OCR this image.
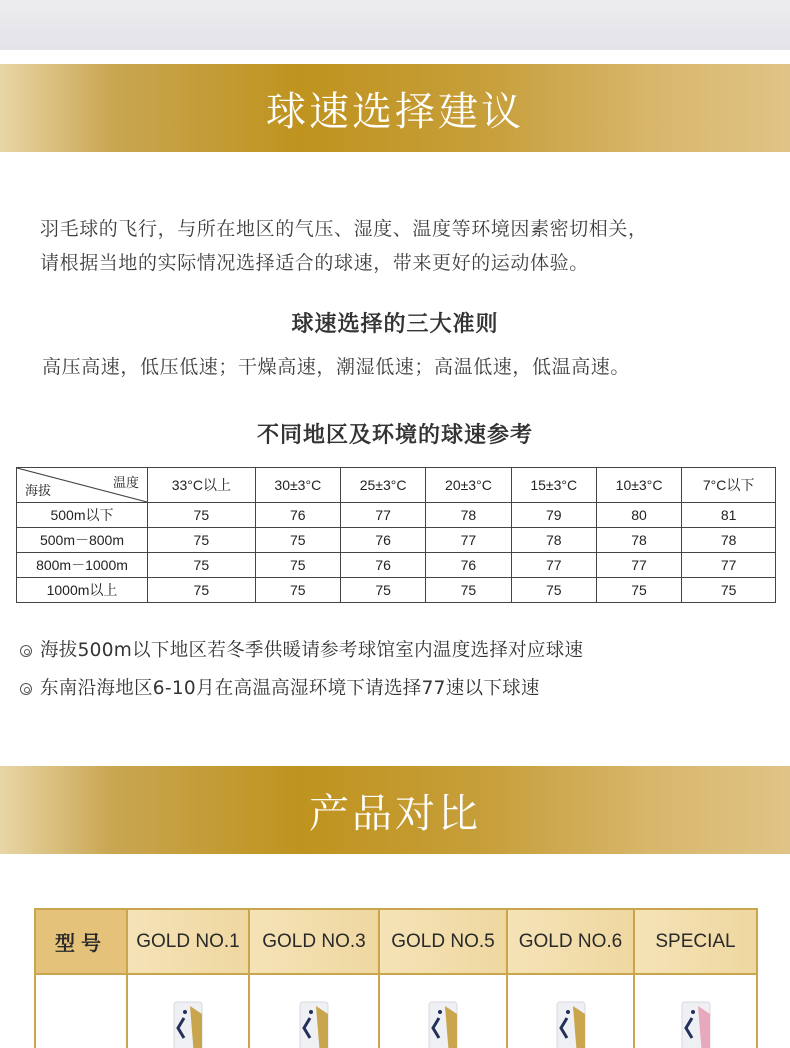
球速选择建议

羽毛球的飞行，与所在地区的气压、湿度、温度等环境因素密切相关，

请根据当地的实际情况选择适合的球速，带来更好的运动体验。

球速选择的三大准则
高压高速，低压低速；干燥高速，潮湿低速；高温低速，低温高速。
不同地区及环境的球速参考
温度
海拔	33°C以上	30±3°C	25±3°C	20±3°C	15±3°C	10±3°C	7°C以下
500m以下	75	76	77	78	79	80	81
500m－800m	75	75	76	77	78	78	78
800m－1000m	75	75	76	76	77	77	77
1000m以上	75	75	75	75	75	75	75
海拔500m以下地区若冬季供暖请参考球馆室内温度选择对应球速
东南沿海地区6-10月在高温高湿环境下请选择77速以下球速
产品对比
型号	GOLD NO.1	GOLD NO.3	GOLD NO.5	GOLD NO.6	SPECIAL
